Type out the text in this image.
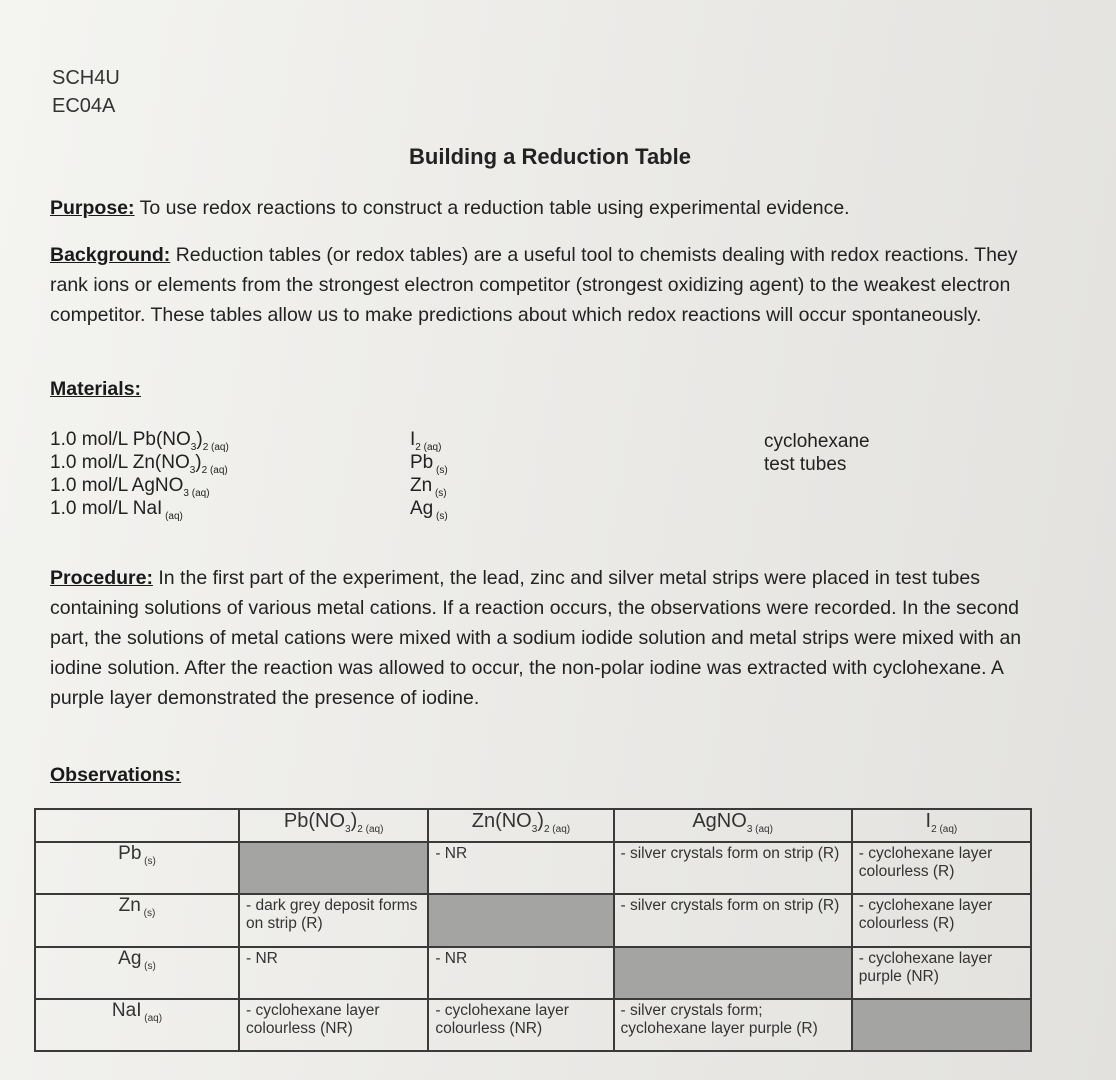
SCH4U
EC04A
Building a Reduction Table
Purpose: To use redox reactions to construct a reduction table using experimental evidence.
Background: Reduction tables (or redox tables) are a useful tool to chemists dealing with redox reactions. They rank ions or elements from the strongest electron competitor (strongest oxidizing agent) to the weakest electron competitor. These tables allow us to make predictions about which redox reactions will occur spontaneously.
Materials:
1.0 mol/L $Pb(NO_3)_{2 (aq)}$
1.0 mol/L $Zn(NO_3)_{2 (aq)}$
1.0 mol/L AgNO$_{3 (aq)}$
1.0 mol/L NaI $_{(aq)}$
$I_{2 (aq)}$
Pb $_{(s)}$
Zn $_{(s)}$
Ag $_{(s)}$
cyclohexane
test tubes
Procedure: In the first part of the experiment, the lead, zinc and silver metal strips were placed in test tubes containing solutions of various metal cations. If a reaction occurs, the observations were recorded. In the second part, the solutions of metal cations were mixed with a sodium iodide solution and metal strips were mixed with an iodine solution. After the reaction was allowed to occur, the non-polar iodine was extracted with cyclohexane. A purple layer demonstrated the presence of iodine.
Observations:
	$Pb(NO_3)_{2 (aq)}$	$Zn(NO_3)_{2 (aq)}$	AgNO$_{3 (aq)}$	$I_{2 (aq)}$
Pb $_{(s)}$		- NR	- silver crystals form on strip (R)	- cyclohexane layer colourless (R)
Zn $_{(s)}$	- dark grey deposit forms on strip (R)		- silver crystals form on strip (R)	- cyclohexane layer colourless (R)
Ag $_{(s)}$	- NR	- NR		- cyclohexane layer purple (NR)
NaI $_{(aq)}$	- cyclohexane layer colourless (NR)	- cyclohexane layer colourless (NR)	- silver crystals form; cyclohexane layer purple (R)	
